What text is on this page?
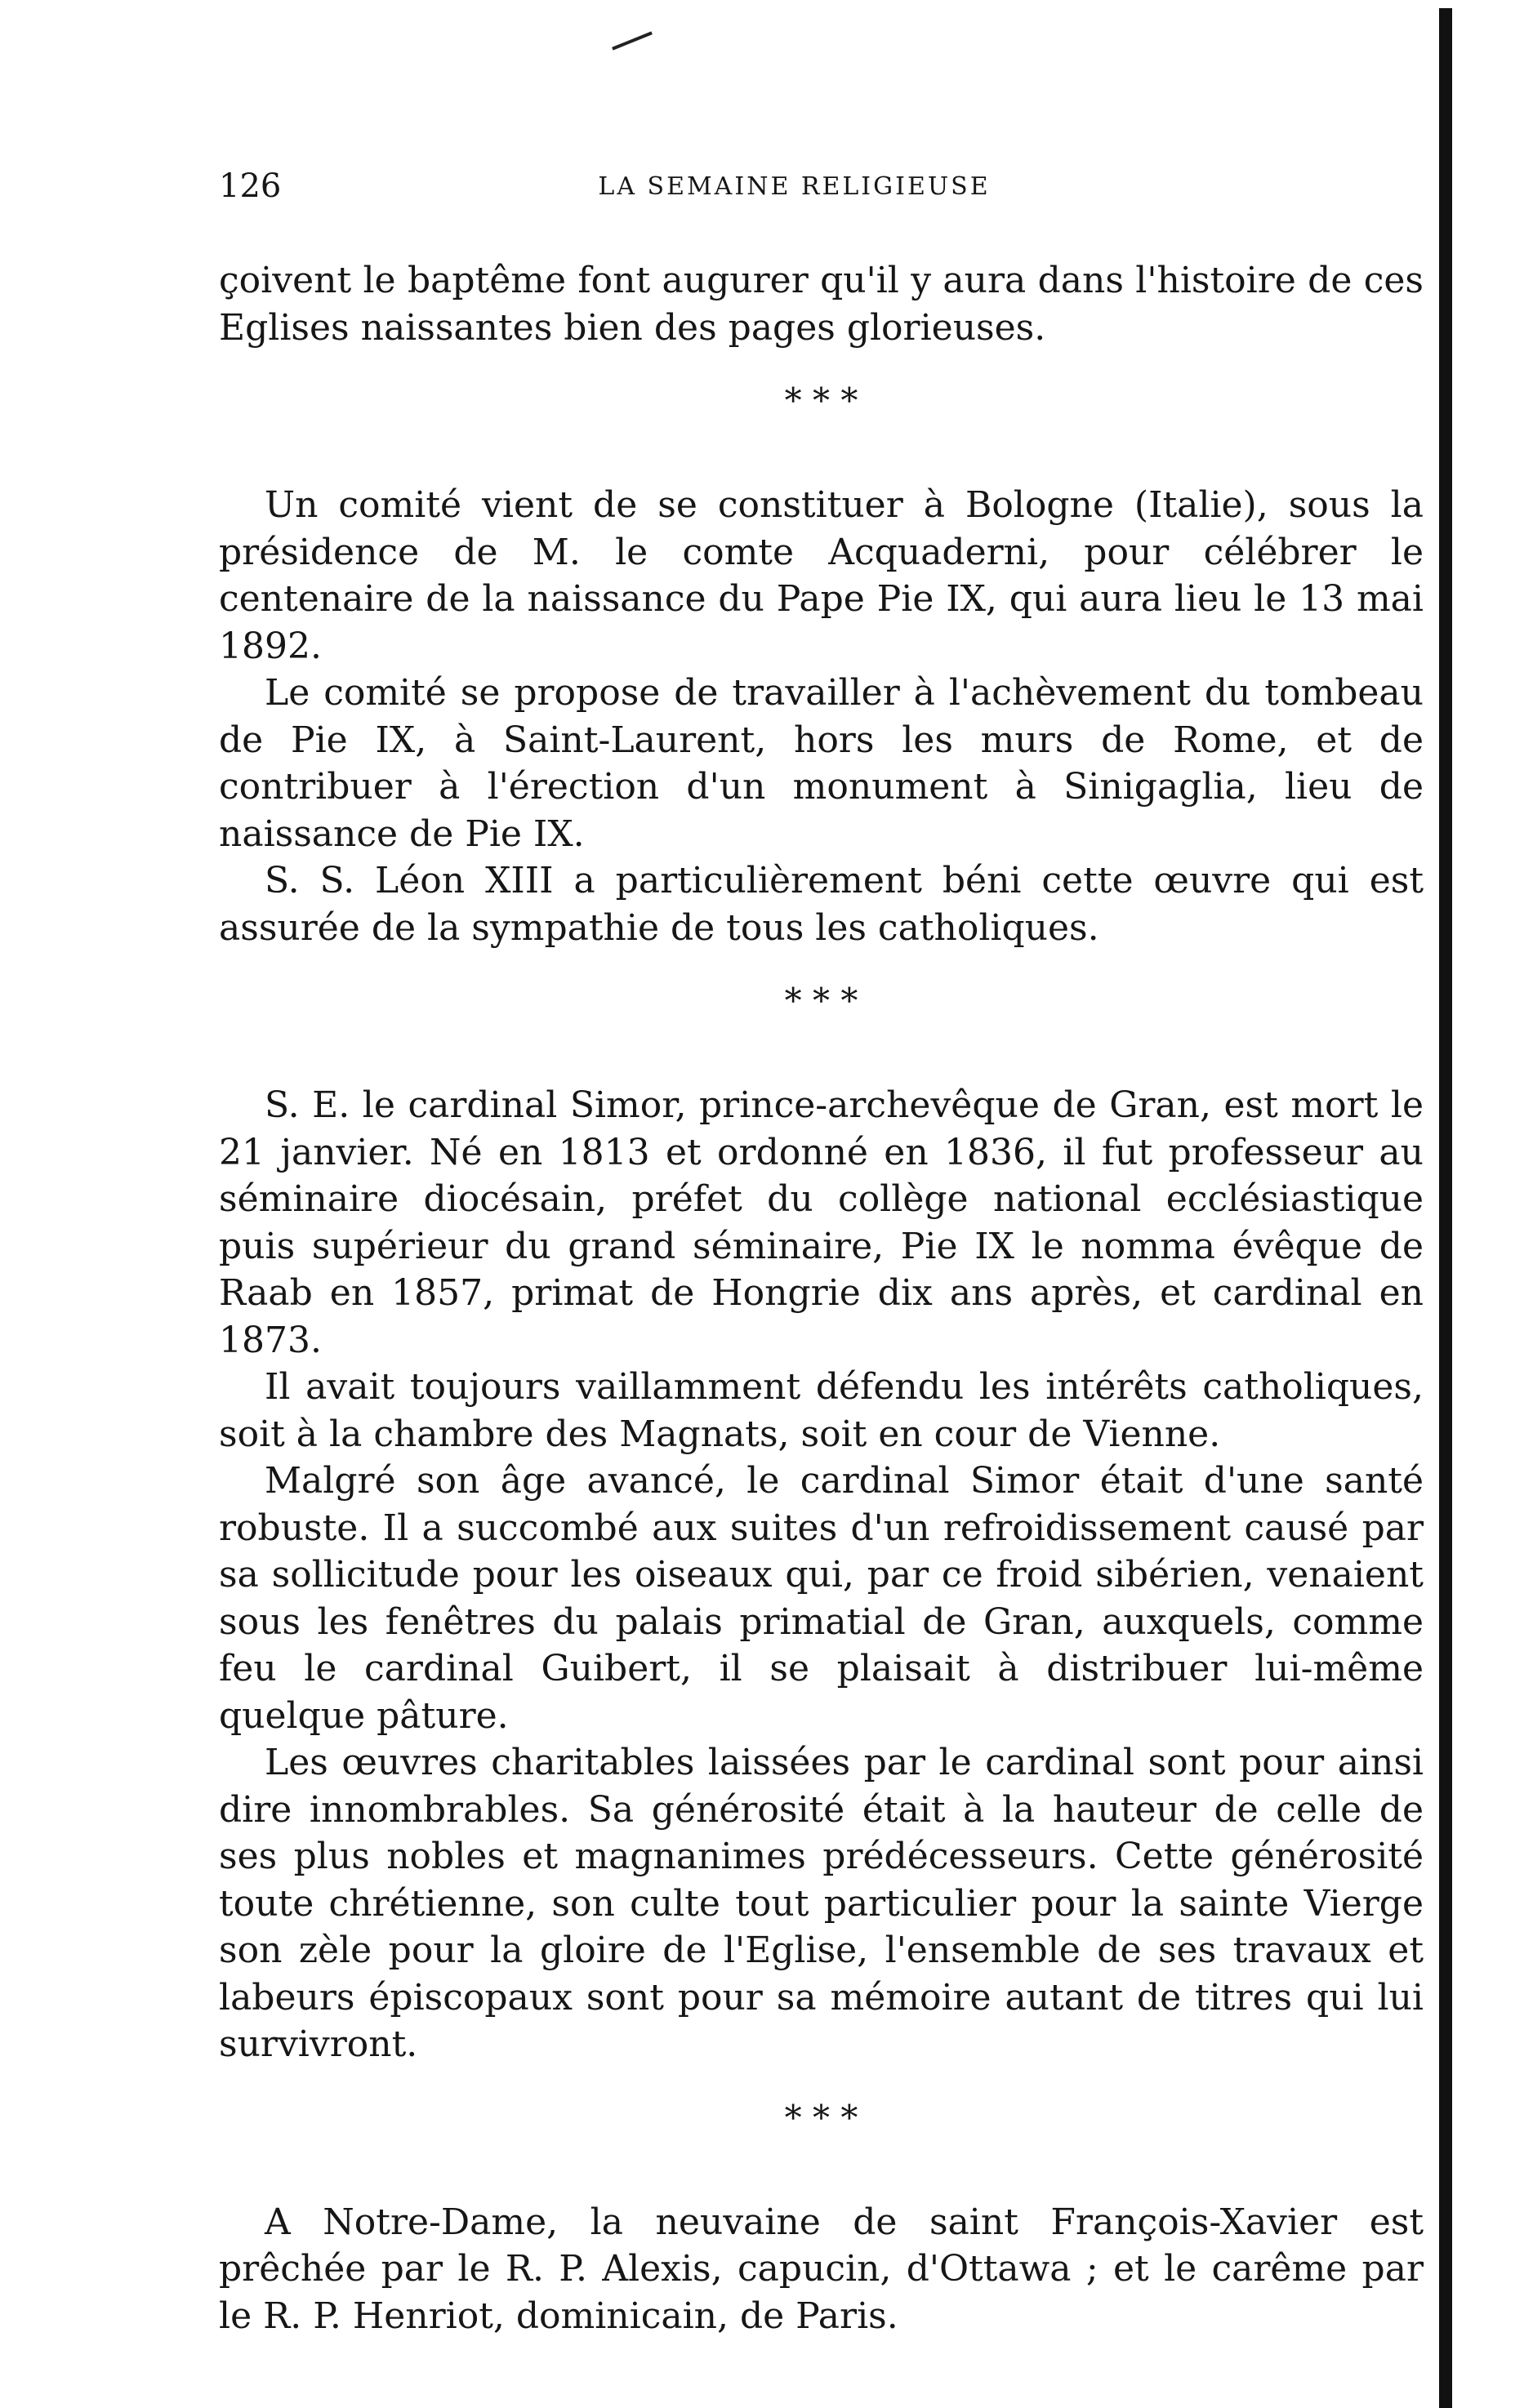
126	LA SEMAINE RELIGIEUSE

çoivent le baptême font augurer qu'il y aura dans l'histoire de ces Eglises naissantes bien des pages glorieuses.

* * *

Un comité vient de se constituer à Bologne (Italie), sous la présidence de M. le comte Acquaderni, pour célébrer le centenaire de la naissance du Pape Pie IX, qui aura lieu le 13 mai 1892.

Le comité se propose de travailler à l'achèvement du tombeau de Pie IX, à Saint-Laurent, hors les murs de Rome, et de contribuer à l'érection d'un monument à Sinigaglia, lieu de naissance de Pie IX.

S. S. Léon XIII a particulièrement béni cette œuvre qui est assurée de la sympathie de tous les catholiques.

* * *

S. E. le cardinal Simor, prince-archevêque de Gran, est mort le 21 janvier. Né en 1813 et ordonné en 1836, il fut professeur au séminaire diocésain, préfet du collège national ecclésiastique puis supérieur du grand séminaire, Pie IX le nomma évêque de Raab en 1857, primat de Hongrie dix ans après, et cardinal en 1873.

Il avait toujours vaillamment défendu les intérêts catholiques, soit à la chambre des Magnats, soit en cour de Vienne.

Malgré son âge avancé, le cardinal Simor était d'une santé robuste. Il a succombé aux suites d'un refroidissement causé par sa sollicitude pour les oiseaux qui, par ce froid sibérien, venaient sous les fenêtres du palais primatial de Gran, auxquels, comme feu le cardinal Guibert, il se plaisait à distribuer lui-même quelque pâture.

Les œuvres charitables laissées par le cardinal sont pour ainsi dire innombrables. Sa générosité était à la hauteur de celle de ses plus nobles et magnanimes prédécesseurs. Cette générosité toute chrétienne, son culte tout particulier pour la sainte Vierge son zèle pour la gloire de l'Eglise, l'ensemble de ses travaux et labeurs épiscopaux sont pour sa mémoire autant de titres qui lui survivront.

* * *

A Notre-Dame, la neuvaine de saint François-Xavier est prêchée par le R. P. Alexis, capucin, d'Ottawa ; et le carême par le R. P. Henriot, dominicain, de Paris.
